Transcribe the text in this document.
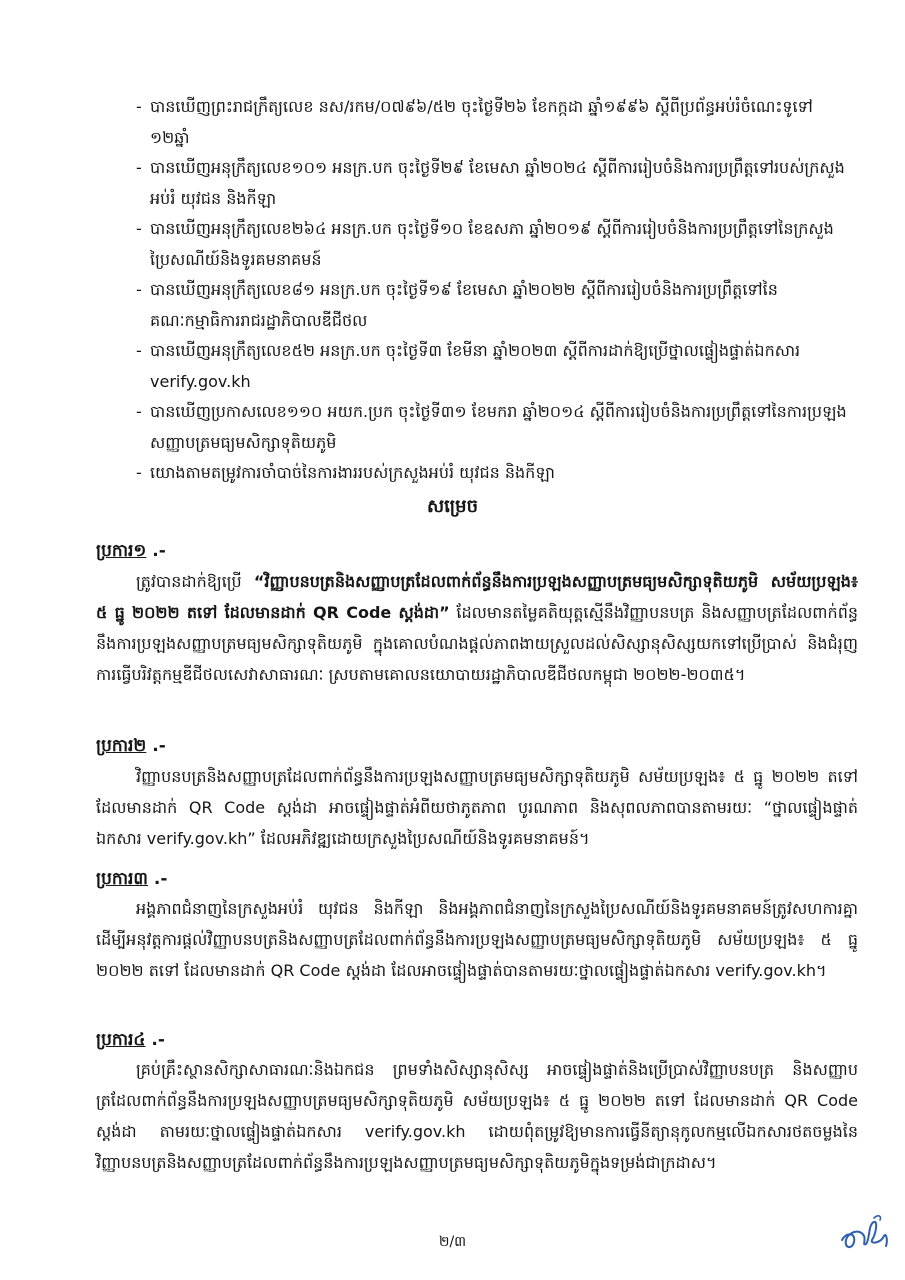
- បានឃើញព្រះរាជក្រឹត្យលេខ នស/រកម/០៧៩៦/៥២ ចុះថ្ងៃទី២៦ ខែកក្កដា ឆ្នាំ១៩៩៦ ស្តីពីប្រព័ន្ធអប់រំចំណេះទូទៅ ១២ឆ្នាំ
- បានឃើញអនុក្រឹត្យលេខ១០១ អនក្រ.បក ចុះថ្ងៃទី២៩ ខែមេសា ឆ្នាំ២០២៤ ស្តីពីការរៀបចំនិងការប្រព្រឹត្តទៅរបស់ក្រសួងអប់រំ យុវជន និងកីឡា
- បានឃើញអនុក្រឹត្យលេខ២៦៤ អនក្រ.បក ចុះថ្ងៃទី១០ ខែឧសភា ឆ្នាំ២០១៩ ស្តីពីការរៀបចំនិងការប្រព្រឹត្តទៅនៃក្រសួងប្រៃសណីយ៍និងទូរគមនាគមន៍
- បានឃើញអនុក្រឹត្យលេខ៨១ អនក្រ.បក ចុះថ្ងៃទី១៩ ខែមេសា ឆ្នាំ២០២២ ស្តីពីការរៀបចំនិងការប្រព្រឹត្តទៅនៃគណៈកម្មាធិការរាជរដ្ឋាភិបាលឌីជីថល
- បានឃើញអនុក្រឹត្យលេខ៥២ អនក្រ.បក ចុះថ្ងៃទី៣ ខែមីនា ឆ្នាំ២០២៣ ស្តីពីការដាក់ឱ្យប្រើថ្នាលផ្ទៀងផ្ទាត់ឯកសារ verify.gov.kh
- បានឃើញប្រកាសលេខ១១០ អយក.ប្រក ចុះថ្ងៃទី៣១ ខែមករា ឆ្នាំ២០១៤ ស្តីពីការរៀបចំនិងការប្រព្រឹត្តទៅនៃការប្រឡងសញ្ញាបត្រមធ្យមសិក្សាទុតិយភូមិ
- យោងតាមតម្រូវការចាំបាច់នៃការងាររបស់ក្រសួងអប់រំ យុវជន និងកីឡា
សម្រេច
ប្រការ១ .-

ត្រូវបានដាក់ឱ្យប្រើ “វិញ្ញាបនបត្រនិងសញ្ញាបត្រដែលពាក់ព័ន្ធនឹងការប្រឡងសញ្ញាបត្រមធ្យមសិក្សាទុតិយភូមិ សម័យប្រឡង៖ ៥ ធ្នូ ២០២២ តទៅ ដែលមានដាក់ QR Code ស្តង់ដា” ដែលមានតម្លៃគតិយុត្តស្មើនឹងវិញ្ញាបនបត្រ និងសញ្ញាបត្រដែលពាក់ព័ន្ធនឹងការប្រឡងសញ្ញាបត្រមធ្យមសិក្សាទុតិយភូមិ ក្នុងគោលបំណងផ្តល់ភាពងាយស្រួលដល់សិស្សានុសិស្សយកទៅប្រើប្រាស់ និងជំរុញការធ្វើបរិវត្តកម្មឌីជីថលសេវាសាធារណៈ ស្របតាមគោលនយោបាយរដ្ឋាភិបាលឌីជីថលកម្ពុជា ២០២២-២០៣៥។

ប្រការ២ .-

វិញ្ញាបនបត្រនិងសញ្ញាបត្រដែលពាក់ព័ន្ធនឹងការប្រឡងសញ្ញាបត្រមធ្យមសិក្សាទុតិយភូមិ សម័យប្រឡង៖ ៥ ធ្នូ ២០២២ តទៅ ដែលមានដាក់ QR Code ស្តង់ដា អាចផ្ទៀងផ្ទាត់អំពីយថាភូតភាព បូរណភាព និងសុពលភាពបានតាមរយៈ “ថ្នាលផ្ទៀងផ្ទាត់ឯកសារ verify.gov.kh” ដែលអភិវឌ្ឍដោយក្រសួងប្រៃសណីយ៍និងទូរគមនាគមន៍។

ប្រការ៣ .-

អង្គភាពជំនាញនៃក្រសួងអប់រំ យុវជន និងកីឡា និងអង្គភាពជំនាញនៃក្រសួងប្រៃសណីយ៍និងទូរគមនាគមន៍ត្រូវសហការគ្នា ដើម្បីអនុវត្តការផ្តល់វិញ្ញាបនបត្រនិងសញ្ញាបត្រដែលពាក់ព័ន្ធនឹងការប្រឡងសញ្ញាបត្រមធ្យមសិក្សាទុតិយភូមិ សម័យប្រឡង៖ ៥ ធ្នូ ២០២២ តទៅ ដែលមានដាក់ QR Code ស្តង់ដា ដែលអាចផ្ទៀងផ្ទាត់បានតាមរយៈថ្នាលផ្ទៀងផ្ទាត់ឯកសារ verify.gov.kh។

ប្រការ៤ .-

គ្រប់គ្រឹះស្ថានសិក្សាសាធារណៈនិងឯកជន ព្រមទាំងសិស្សានុសិស្ស អាចផ្ទៀងផ្ទាត់និងប្រើប្រាស់វិញ្ញាបនបត្រ និងសញ្ញាបត្រដែលពាក់ព័ន្ធនឹងការប្រឡងសញ្ញាបត្រមធ្យមសិក្សាទុតិយភូមិ សម័យប្រឡង៖ ៥ ធ្នូ ២០២២ តទៅ ដែលមានដាក់ QR Code ស្តង់ដា តាមរយៈថ្នាលផ្ទៀងផ្ទាត់ឯកសារ verify.gov.kh ដោយពុំតម្រូវឱ្យមានការធ្វើនីត្យានុកូលកម្មលើឯកសារថតចម្លងនៃវិញ្ញាបនបត្រនិងសញ្ញាបត្រដែលពាក់ព័ន្ធនឹងការប្រឡងសញ្ញាបត្រមធ្យមសិក្សាទុតិយភូមិក្នុងទម្រង់ជាក្រដាស។

២/៣
